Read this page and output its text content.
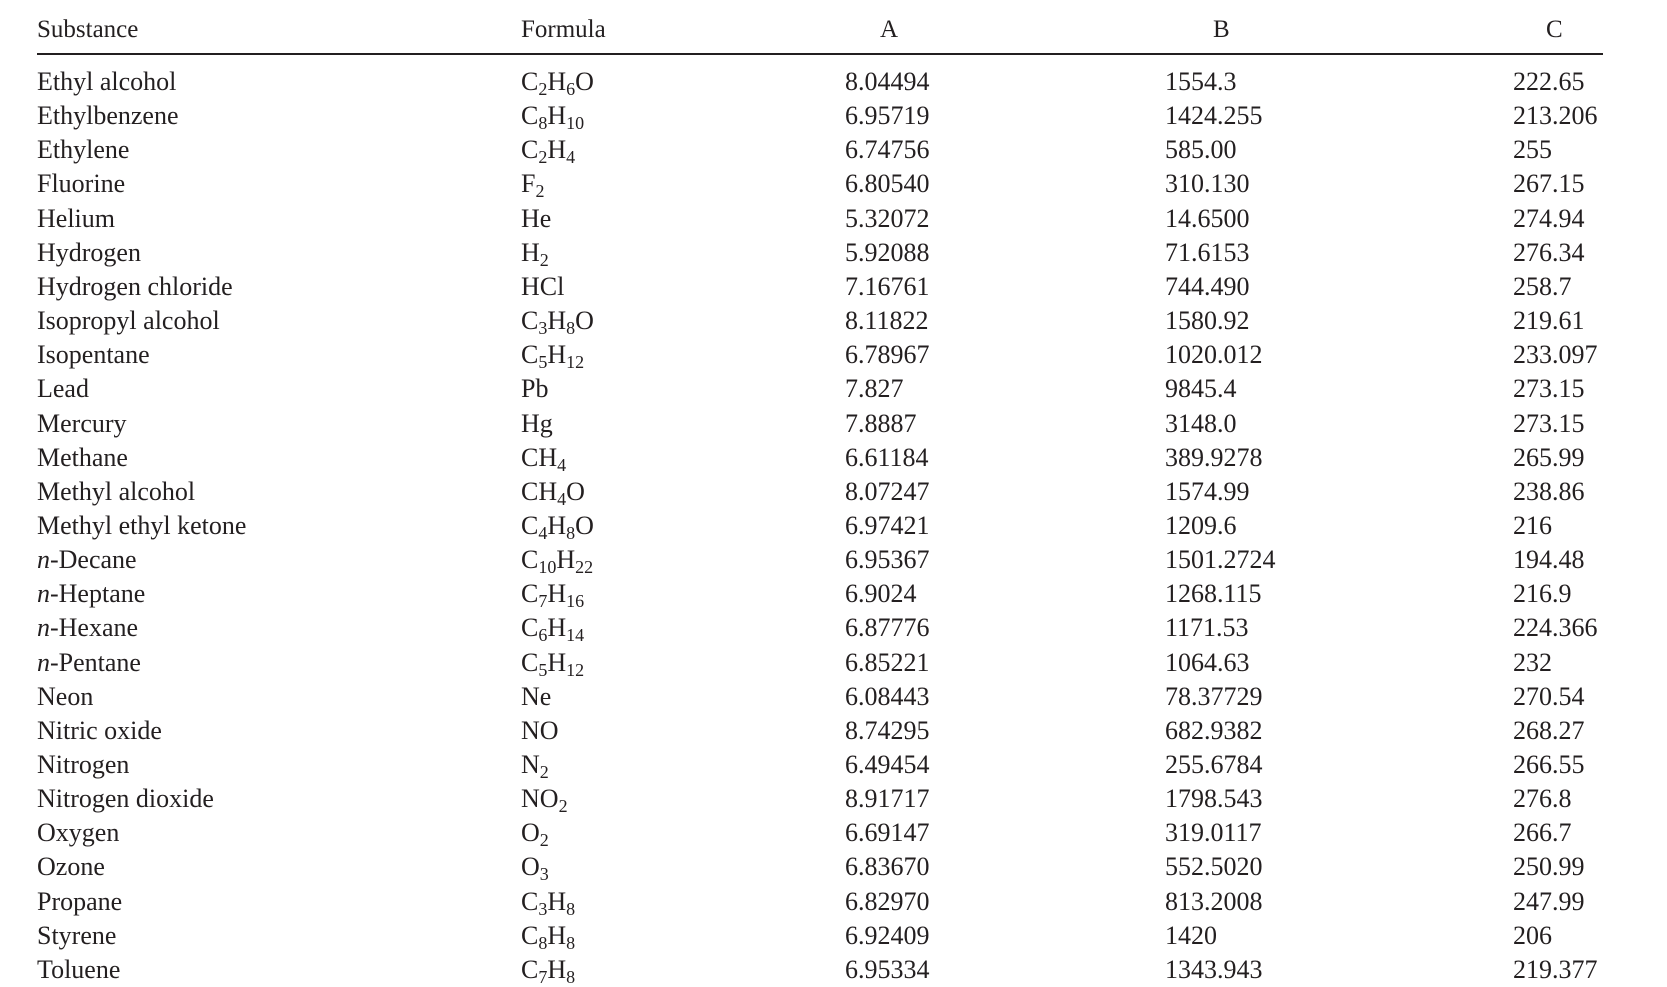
Substance	Formula	A	B	C
Ethyl alcohol	$C_2H_6O$	8.04494	1554.3	222.65
Ethylbenzene	$C_8H_{10}$	6.95719	1424.255	213.206
Ethylene	$C_2H_4$	6.74756	585.00	255
Fluorine	$F_2$	6.80540	310.130	267.15
Helium	He	5.32072	14.6500	274.94
Hydrogen	$H_2$	5.92088	71.6153	276.34
Hydrogen chloride	HCl	7.16761	744.490	258.7
Isopropyl alcohol	$C_3H_8O$	8.11822	1580.92	219.61
Isopentane	$C_5H_{12}$	6.78967	1020.012	233.097
Lead	Pb	7.827	9845.4	273.15
Mercury	Hg	7.8887	3148.0	273.15
Methane	$CH_4$	6.61184	389.9278	265.99
Methyl alcohol	$CH_4O$	8.07247	1574.99	238.86
Methyl ethyl ketone	$C_4H_8O$	6.97421	1209.6	216
n-Decane	$C_{10}H_{22}$	6.95367	1501.2724	194.48
n-Heptane	$C_7H_{16}$	6.9024	1268.115	216.9
n-Hexane	$C_6H_{14}$	6.87776	1171.53	224.366
n-Pentane	$C_5H_{12}$	6.85221	1064.63	232
Neon	Ne	6.08443	78.37729	270.54
Nitric oxide	NO	8.74295	682.9382	268.27
Nitrogen	$N_2$	6.49454	255.6784	266.55
Nitrogen dioxide	$NO_2$	8.91717	1798.543	276.8
Oxygen	$O_2$	6.69147	319.0117	266.7
Ozone	$O_3$	6.83670	552.5020	250.99
Propane	$C_3H_8$	6.82970	813.2008	247.99
Styrene	$C_8H_8$	6.92409	1420	206
Toluene	$C_7H_8$	6.95334	1343.943	219.377
